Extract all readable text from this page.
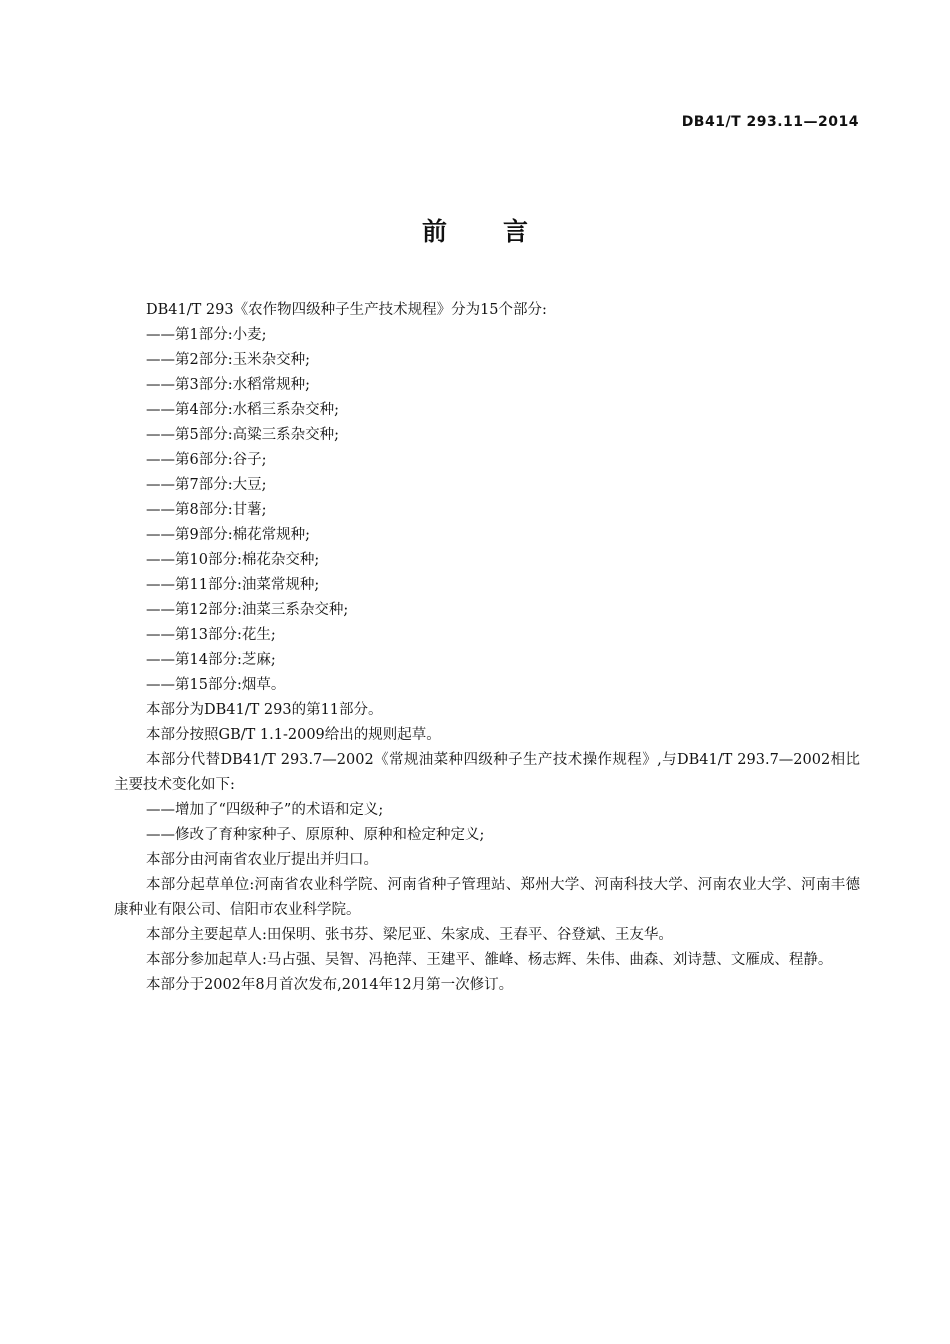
DB41/T 293.11—2014
前言

DB41/T 293《农作物四级种子生产技术规程》分为15个部分:

——第1部分:小麦;

——第2部分:玉米杂交种;

——第3部分:水稻常规种;

——第4部分:水稻三系杂交种;

——第5部分:高粱三系杂交种;

——第6部分:谷子;

——第7部分:大豆;

——第8部分:甘薯;

——第9部分:棉花常规种;

——第10部分:棉花杂交种;

——第11部分:油菜常规种;

——第12部分:油菜三系杂交种;

——第13部分:花生;

——第14部分:芝麻;

——第15部分:烟草。

本部分为DB41/T 293的第11部分。

本部分按照GB/T 1.1-2009给出的规则起草。

本部分代替DB41/T 293.7—2002《常规油菜种四级种子生产技术操作规程》,与DB41/T 293.7—2002相比主要技术变化如下:

——增加了“四级种子”的术语和定义;

——修改了育种家种子、原原种、原种和检定种定义;

本部分由河南省农业厅提出并归口。

本部分起草单位:河南省农业科学院、河南省种子管理站、郑州大学、河南科技大学、河南农业大学、河南丰德康种业有限公司、信阳市农业科学院。

本部分主要起草人:田保明、张书芬、梁尼亚、朱家成、王春平、谷登斌、王友华。

本部分参加起草人:马占强、吴智、冯艳萍、王建平、雒峰、杨志辉、朱伟、曲森、刘诗慧、文雁成、程静。

本部分于2002年8月首次发布,2014年12月第一次修订。
